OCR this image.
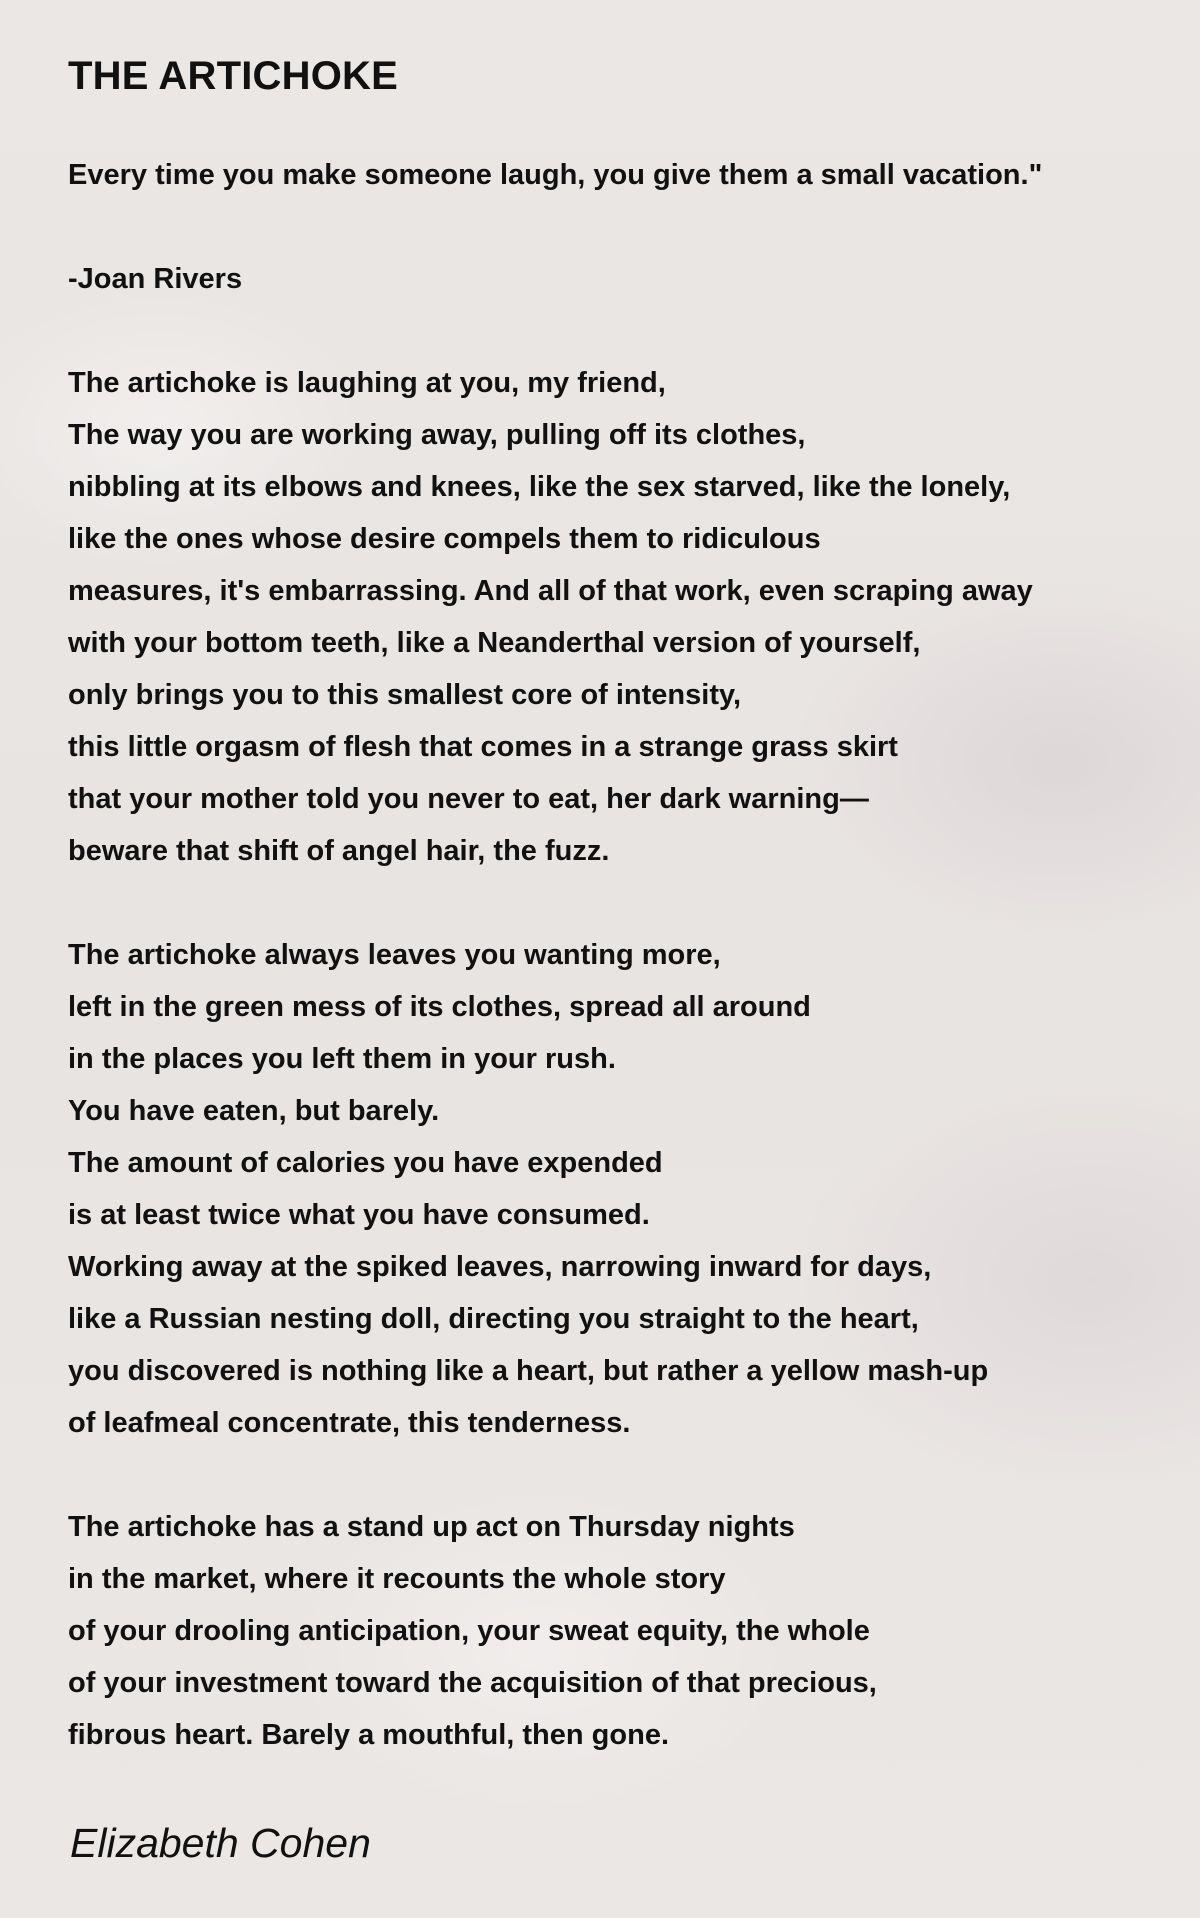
THE ARTICHOKE
Every time you make someone laugh, you give them a small vacation."
-Joan Rivers
The artichoke is laughing at you, my friend,
The way you are working away, pulling off its clothes,
nibbling at its elbows and knees, like the sex starved, like the lonely,
like the ones whose desire compels them to ridiculous
measures, it's embarrassing. And all of that work, even scraping away
with your bottom teeth, like a Neanderthal version of yourself,
only brings you to this smallest core of intensity,
this little orgasm of flesh that comes in a strange grass skirt
that your mother told you never to eat, her dark warning—
beware that shift of angel hair, the fuzz.
The artichoke always leaves you wanting more,
left in the green mess of its clothes, spread all around
in the places you left them in your rush.
You have eaten, but barely.
The amount of calories you have expended
is at least twice what you have consumed.
Working away at the spiked leaves, narrowing inward for days,
like a Russian nesting doll, directing you straight to the heart,
you discovered is nothing like a heart, but rather a yellow mash-up
of leafmeal concentrate, this tenderness.
The artichoke has a stand up act on Thursday nights
in the market, where it recounts the whole story
of your drooling anticipation, your sweat equity, the whole
of your investment toward the acquisition of that precious,
fibrous heart. Barely a mouthful, then gone.

Elizabeth Cohen
